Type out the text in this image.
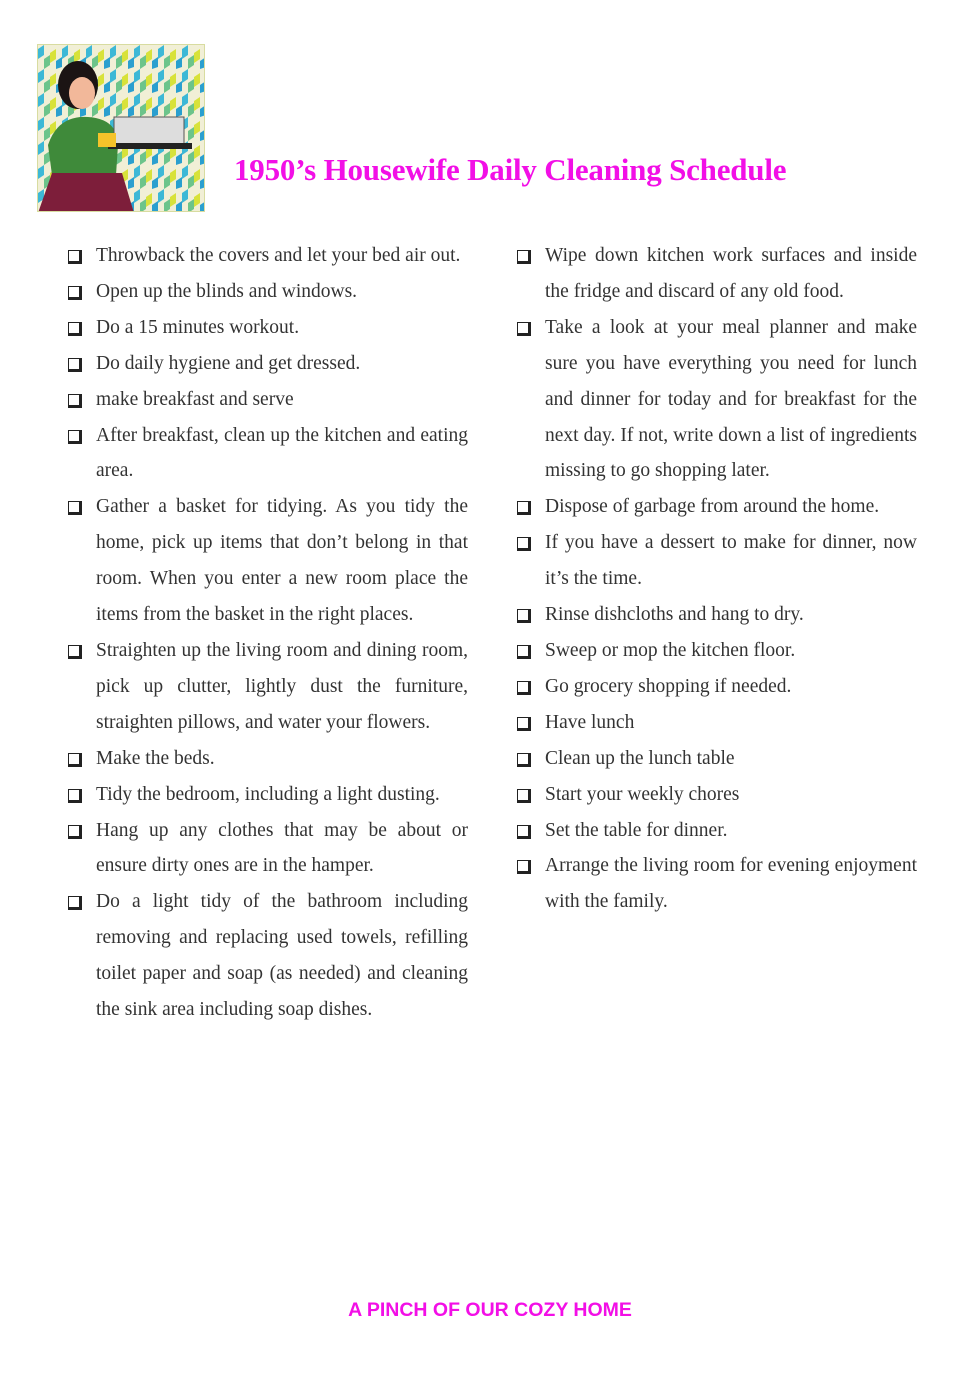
1950’s Housewife Daily Cleaning Schedule
Throwback the covers and let your bed air out.
Open up the blinds and windows.
Do a 15 minutes workout.
Do daily hygiene and get dressed.
make breakfast and serve
After breakfast, clean up the kitchen and eating area.
Gather a basket for tidying. As you tidy the home, pick up items that don’t belong in that room. When you enter a new room place the items from the basket in the right places.
Straighten up the living room and dining room, pick up clutter, lightly dust the furniture, straighten pillows, and water your flowers.
Make the beds.
Tidy the bedroom, including a light dusting.
Hang up any clothes that may be about or ensure dirty ones are in the hamper.
Do a light tidy of the bathroom including removing and replacing used towels, refilling toilet paper and soap (as needed) and cleaning the sink area including soap dishes.
Wipe down kitchen work surfaces and inside the fridge and discard of any old food.
Take a look at your meal planner and make sure you have everything you need for lunch and dinner for today and for breakfast for the next day. If not, write down a list of ingredients missing to go shopping later.
Dispose of garbage from around the home.
If you have a dessert to make for dinner, now it’s the time.
Rinse dishcloths and hang to dry.
Sweep or mop the kitchen floor.
Go grocery shopping if needed.
Have lunch
Clean up the lunch table
Start your weekly chores
Set the table for dinner.
Arrange the living room for evening enjoyment with the family.
A PINCH OF OUR COZY HOME
